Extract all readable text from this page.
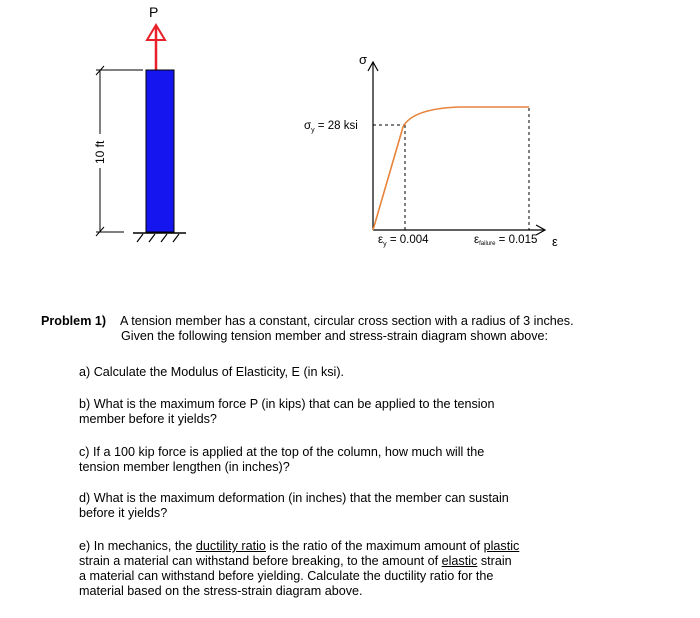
P
10 ft
σ
ε
$\sigma_y = 28$ ksi
$\varepsilon_y = 0.004$	εfailure = 0.015
Problem 1) A tension member has a constant, circular cross section with a radius of 3 inches.
Given the following tension member and stress-strain diagram shown above:
a) Calculate the Modulus of Elasticity, E (in ksi).
b) What is the maximum force P (in kips) that can be applied to the tension
member before it yields?
c) If a 100 kip force is applied at the top of the column, how much will the
tension member lengthen (in inches)?
d) What is the maximum deformation (in inches) that the member can sustain
before it yields?
e) In mechanics, the ductility ratio is the ratio of the maximum amount of plastic
strain a material can withstand before breaking, to the amount of elastic strain
a material can withstand before yielding. Calculate the ductility ratio for the
material based on the stress-strain diagram above.
